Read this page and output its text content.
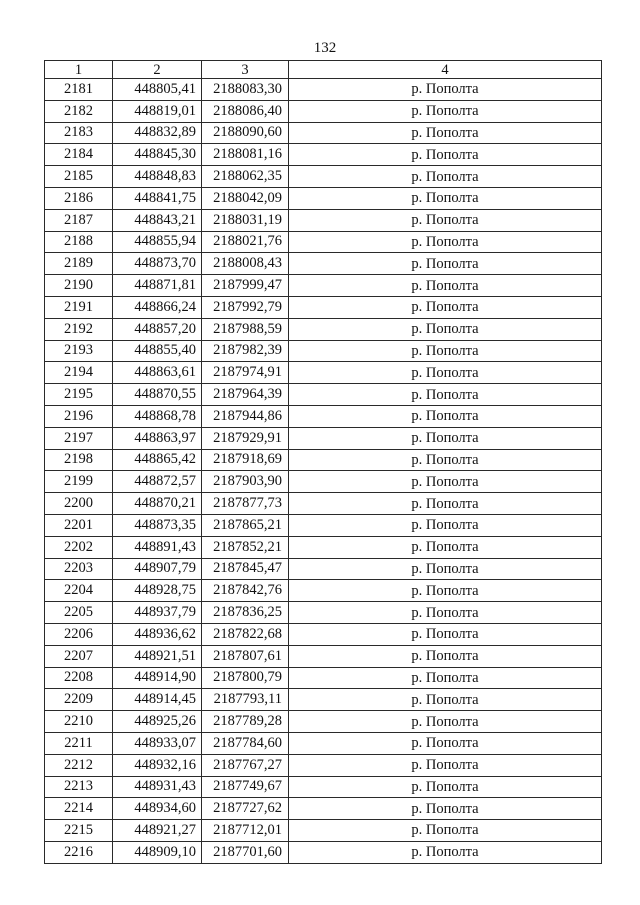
132
1	2	3	4
2181	448805,41	2188083,30	р. Пополта
2182	448819,01	2188086,40	р. Пополта
2183	448832,89	2188090,60	р. Пополта
2184	448845,30	2188081,16	р. Пополта
2185	448848,83	2188062,35	р. Пополта
2186	448841,75	2188042,09	р. Пополта
2187	448843,21	2188031,19	р. Пополта
2188	448855,94	2188021,76	р. Пополта
2189	448873,70	2188008,43	р. Пополта
2190	448871,81	2187999,47	р. Пополта
2191	448866,24	2187992,79	р. Пополта
2192	448857,20	2187988,59	р. Пополта
2193	448855,40	2187982,39	р. Пополта
2194	448863,61	2187974,91	р. Пополта
2195	448870,55	2187964,39	р. Пополта
2196	448868,78	2187944,86	р. Пополта
2197	448863,97	2187929,91	р. Пополта
2198	448865,42	2187918,69	р. Пополта
2199	448872,57	2187903,90	р. Пополта
2200	448870,21	2187877,73	р. Пополта
2201	448873,35	2187865,21	р. Пополта
2202	448891,43	2187852,21	р. Пополта
2203	448907,79	2187845,47	р. Пополта
2204	448928,75	2187842,76	р. Пополта
2205	448937,79	2187836,25	р. Пополта
2206	448936,62	2187822,68	р. Пополта
2207	448921,51	2187807,61	р. Пополта
2208	448914,90	2187800,79	р. Пополта
2209	448914,45	2187793,11	р. Пополта
2210	448925,26	2187789,28	р. Пополта
2211	448933,07	2187784,60	р. Пополта
2212	448932,16	2187767,27	р. Пополта
2213	448931,43	2187749,67	р. Пополта
2214	448934,60	2187727,62	р. Пополта
2215	448921,27	2187712,01	р. Пополта
2216	448909,10	2187701,60	р. Пополта
